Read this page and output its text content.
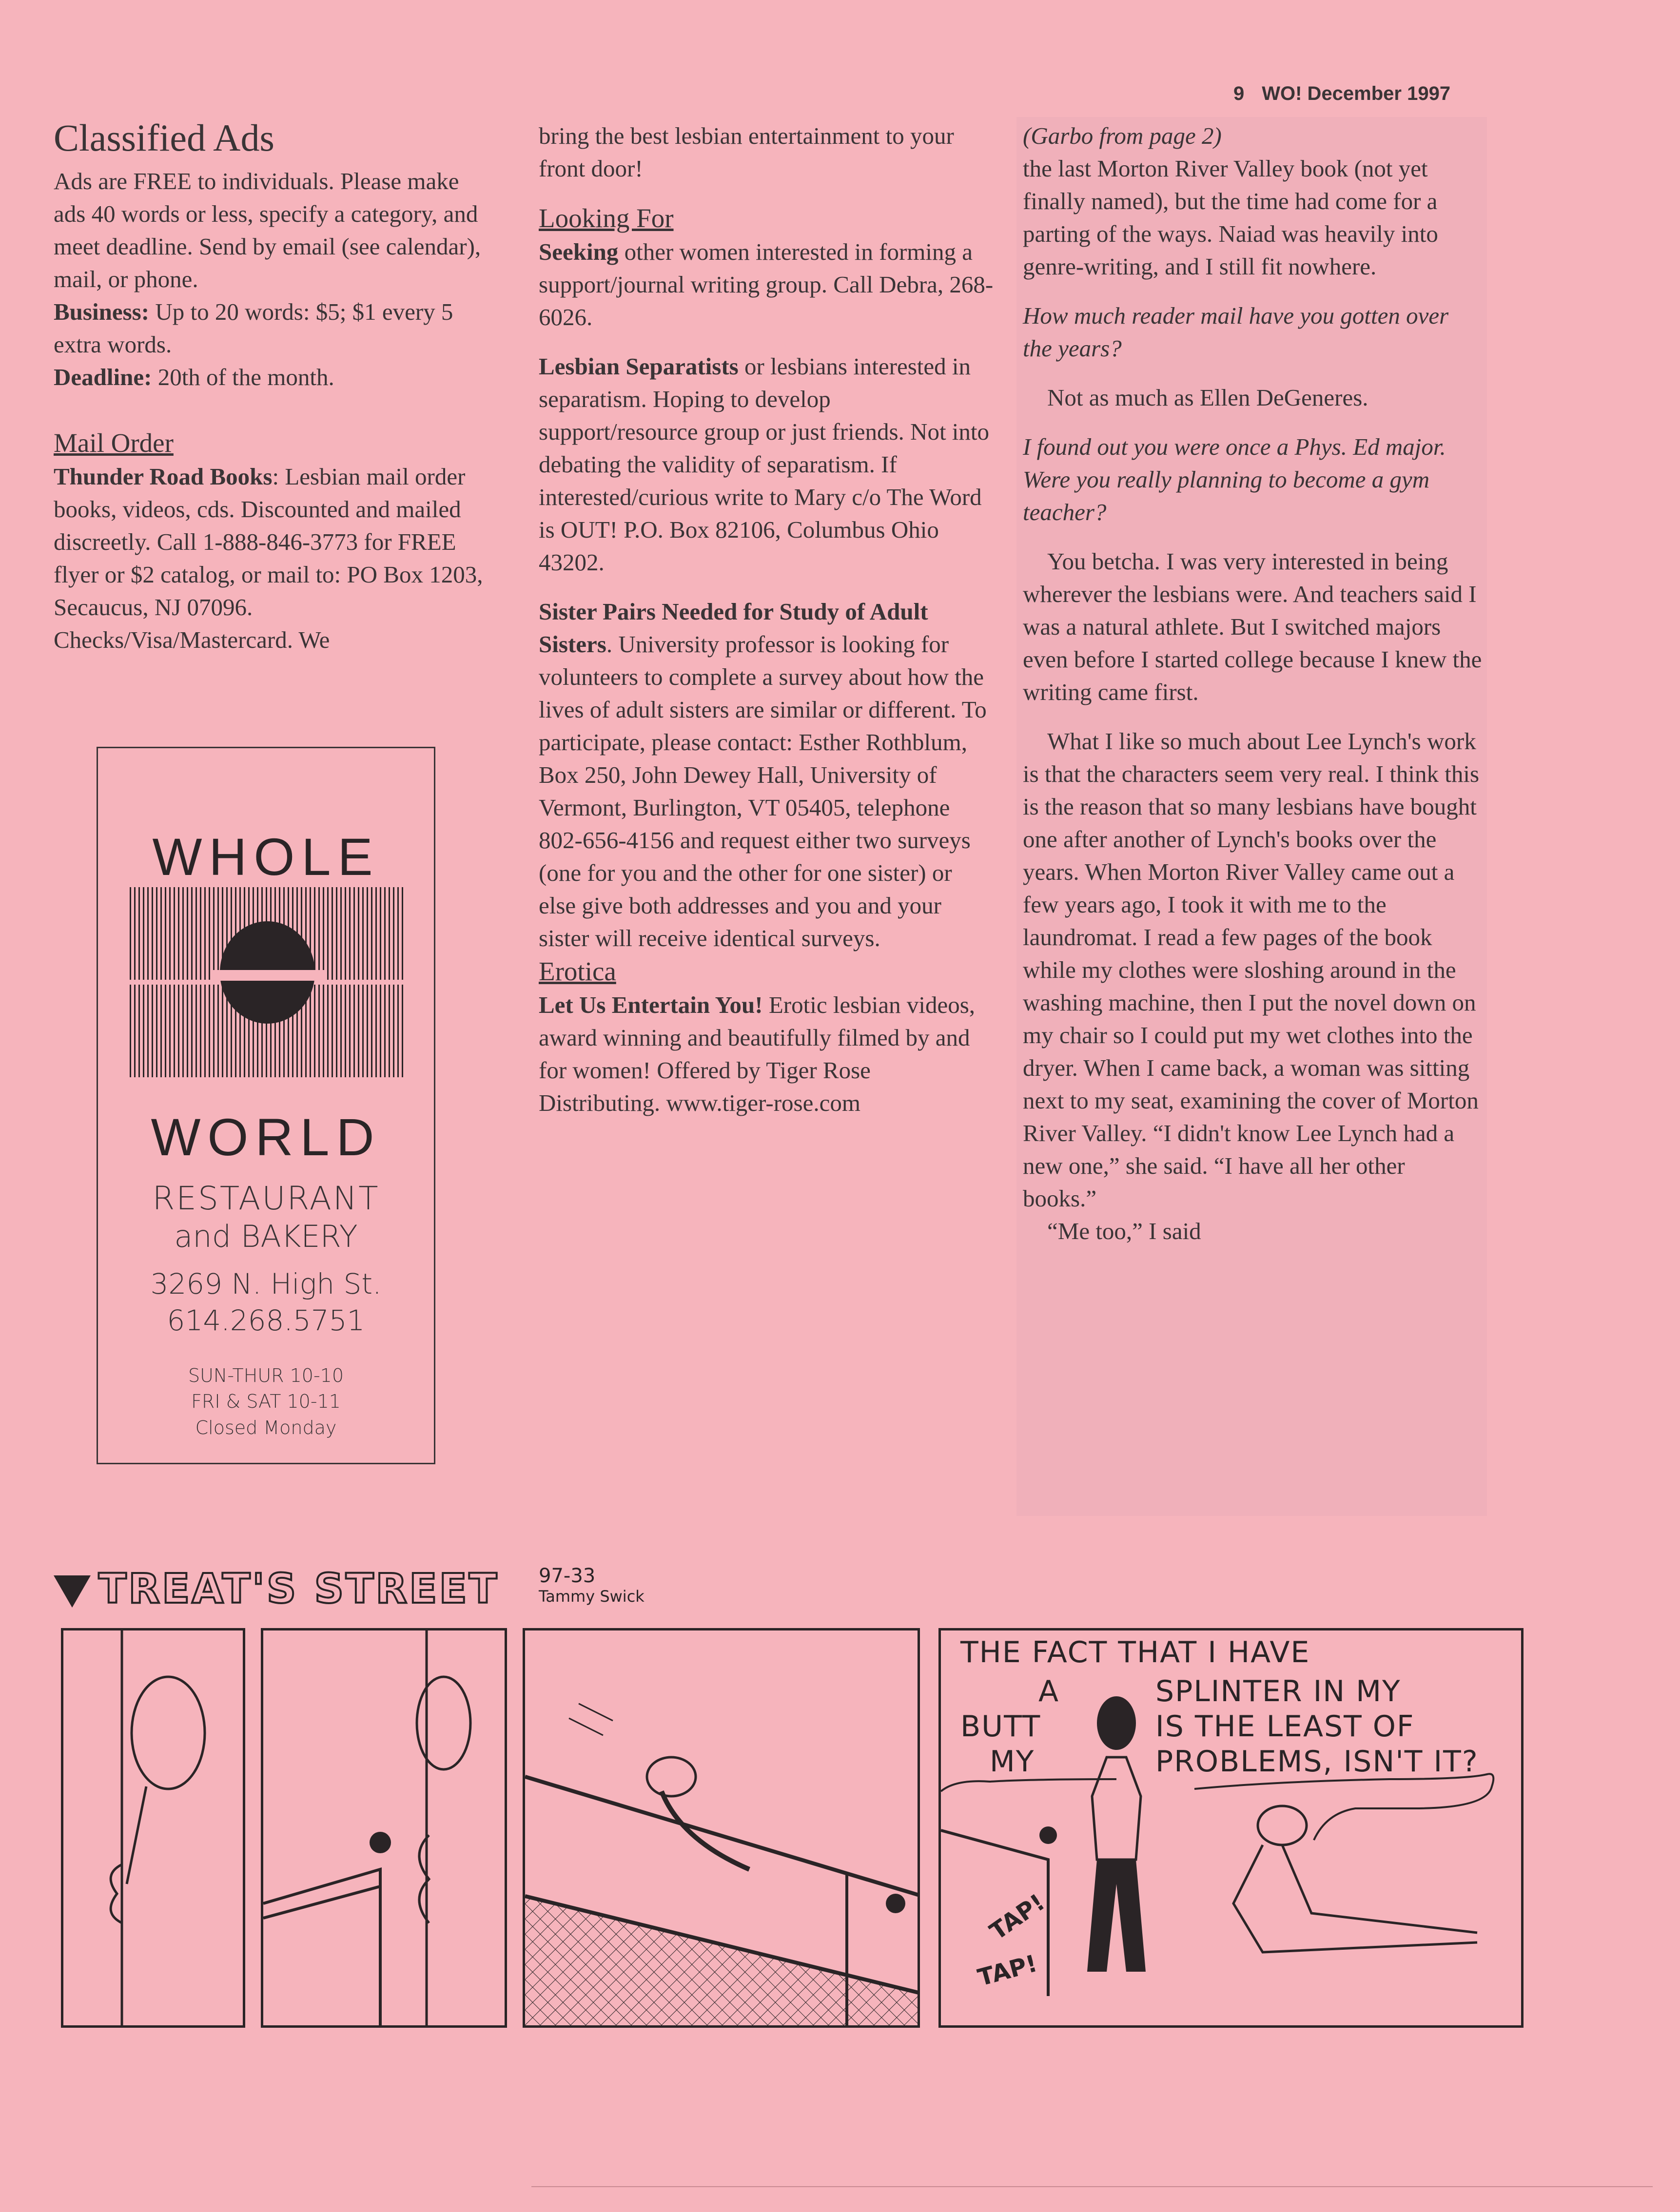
9 WO! December 1997
Classified Ads

Ads are FREE to individuals. Please make ads 40 words or less, specify a category, and meet deadline. Send by email (see calendar), mail, or phone.

Business: Up to 20 words: $5; $1 every 5 extra words.

Deadline: 20th of the month.

Mail Order

Thunder Road Books: Lesbian mail order books, videos, cds. Discounted and mailed discreetly. Call 1-888-846-3773 for FREE flyer or $2 catalog, or mail to: PO Box 1203, Secaucus, NJ 07096. Checks/Visa/Mastercard. We

WHOLE
WORLD
RESTAURANT
and BAKERY
3269 N. High St.
614.268.5751
SUN-THUR 10-10
FRI & SAT 10-11
Closed Monday

bring the best lesbian entertainment to your front door!

Looking For

Seeking other women interested in forming a support/journal writing group. Call Debra, 268-6026.

Lesbian Separatists or lesbians interested in separatism. Hoping to develop support/resource group or just friends. Not into debating the validity of separatism. If interested/curious write to Mary c/o The Word is OUT! P.O. Box 82106, Columbus Ohio 43202.

Sister Pairs Needed for Study of Adult Sisters. University professor is looking for volunteers to complete a survey about how the lives of adult sisters are similar or different. To participate, please contact: Esther Rothblum, Box 250, John Dewey Hall, University of Vermont, Burlington, VT 05405, telephone 802-656-4156 and request either two surveys (one for you and the other for one sister) or else give both addresses and you and your sister will receive identical surveys.

Erotica

Let Us Entertain You! Erotic lesbian videos, award winning and beautifully filmed by and for women! Offered by Tiger Rose Distributing. www.tiger-rose.com

(Garbo from page 2)

the last Morton River Valley book (not yet finally named), but the time had come for a parting of the ways. Naiad was heavily into genre-writing, and I still fit nowhere.

How much reader mail have you gotten over the years?

Not as much as Ellen DeGeneres.

I found out you were once a Phys. Ed major. Were you really planning to become a gym teacher?

You betcha. I was very interested in being wherever the lesbians were. And teachers said I was a natural athlete. But I switched majors even before I started college because I knew the writing came first.

What I like so much about Lee Lynch's work is that the characters seem very real. I think this is the reason that so many lesbians have bought one after another of Lynch's books over the years. When Morton River Valley came out a few years ago, I took it with me to the laundromat. I read a few pages of the book while my clothes were sloshing around in the washing machine, then I put the novel down on my chair so I could put my wet clothes into the dryer. When I came back, a woman was sitting next to my seat, examining the cover of Morton River Valley. “I didn't know Lee Lynch had a new one,” she said. “I have all her other books.”

“Me too,” I said

TREAT'S STREET 97-33
Tammy Swick
THE FACT THAT I HAVE
A	SPLINTER IN MY
BUTT	IS THE LEAST OF
MY	PROBLEMS, ISN'T IT?
TAP!
TAP!
